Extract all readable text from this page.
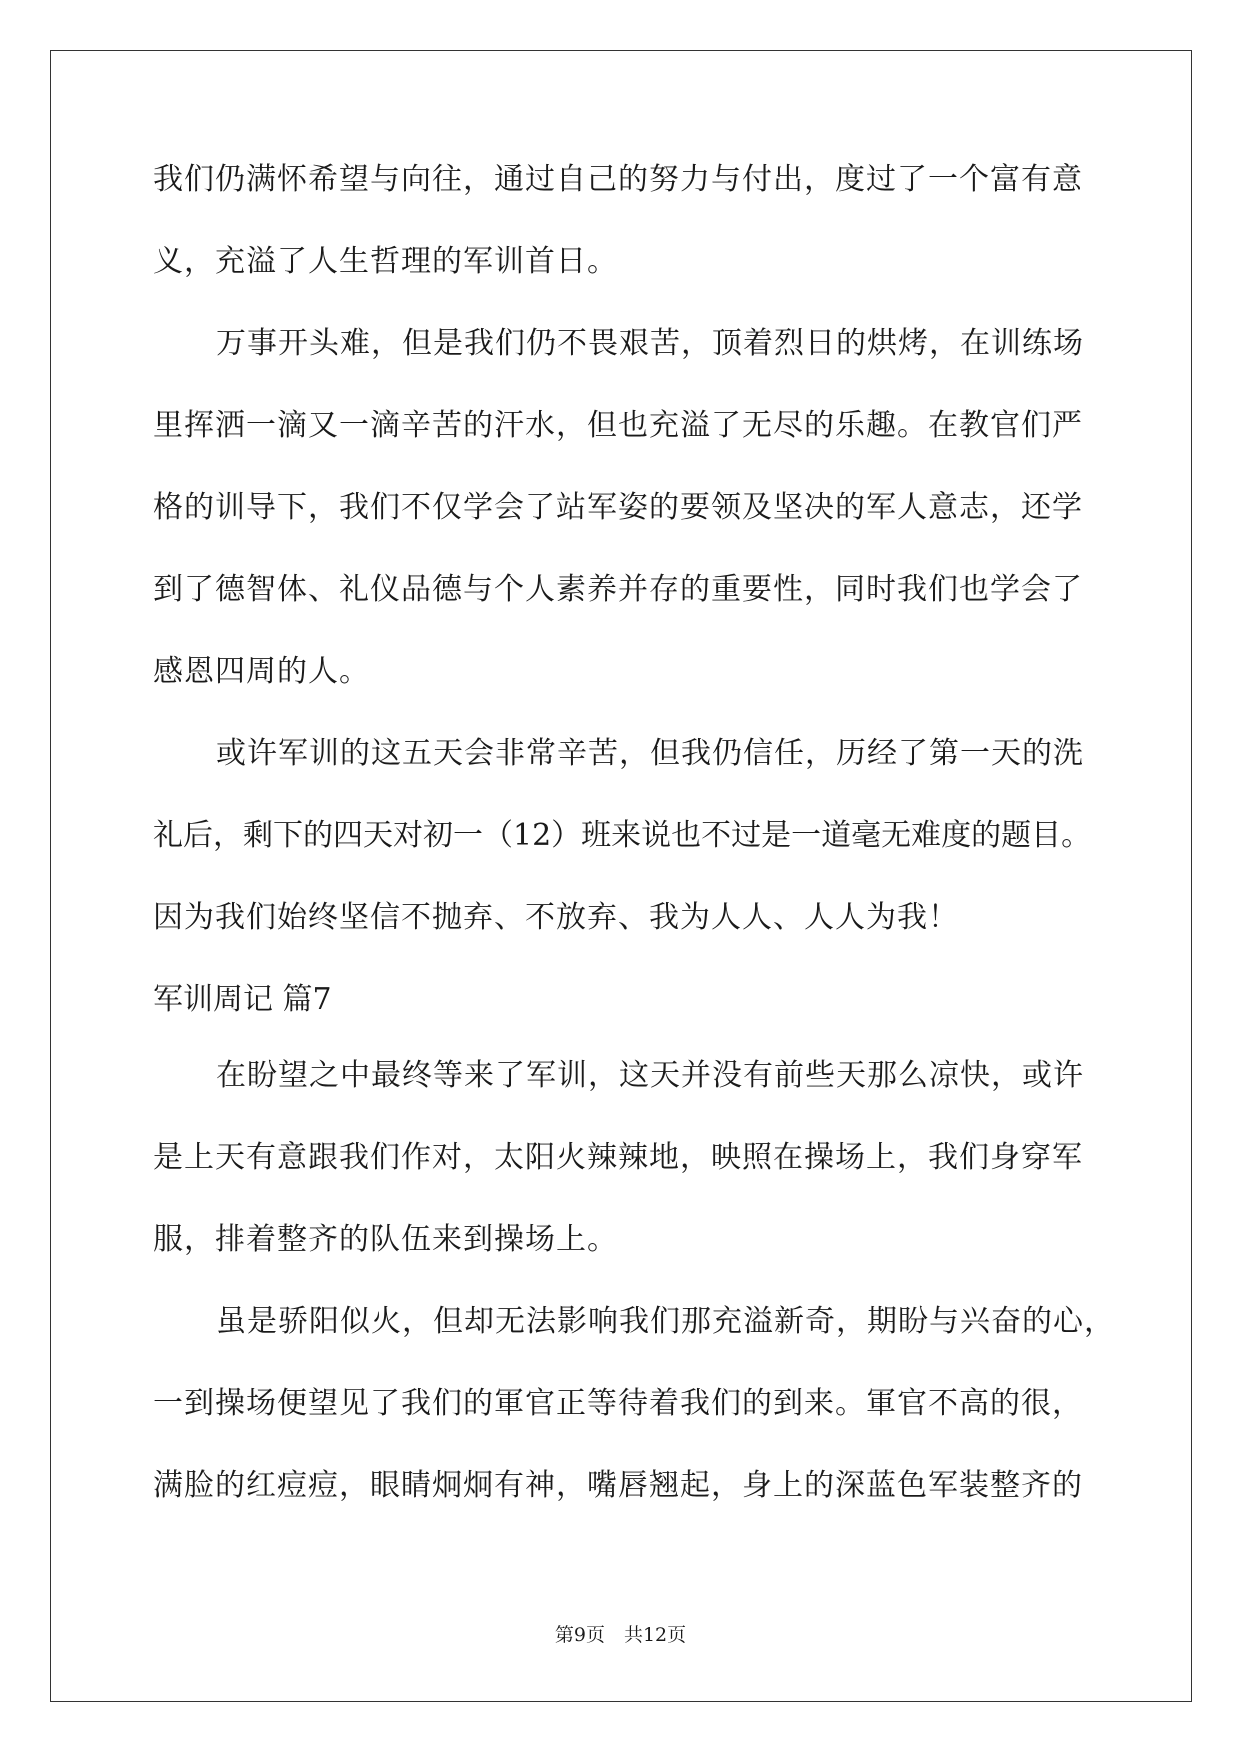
我们仍满怀希望与向往，通过自己的努力与付出，度过了一个富有意
义，充溢了人生哲理的军训首日。
万事开头难，但是我们仍不畏艰苦，顶着烈日的烘烤，在训练场
里挥洒一滴又一滴辛苦的汗水，但也充溢了无尽的乐趣。在教官们严
格的训导下，我们不仅学会了站军姿的要领及坚决的军人意志，还学
到了德智体、礼仪品德与个人素养并存的重要性，同时我们也学会了
感恩四周的人。
或许军训的这五天会非常辛苦，但我仍信任，历经了第一天的洗
礼后，剩下的四天对初一（12）班来说也不过是一道毫无难度的题目。
因为我们始终坚信不抛弃、不放弃、我为人人、人人为我！
军训周记 篇7
在盼望之中最终等来了军训，这天并没有前些天那么凉快，或许
是上天有意跟我们作对，太阳火辣辣地，映照在操场上，我们身穿军
服，排着整齐的队伍来到操场上。
虽是骄阳似火，但却无法影响我们那充溢新奇，期盼与兴奋的心，
一到操场便望见了我们的軍官正等待着我们的到来。軍官不高的很，
满脸的红痘痘，眼睛炯炯有神，嘴唇翘起，身上的深蓝色军装整齐的
第9页　共12页
